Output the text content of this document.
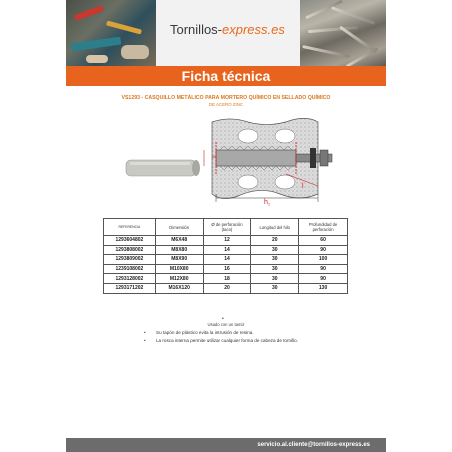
Tornillos-express.es
Ficha técnica
VS1293 - CASQUILLO METÁLICO PARA MORTERO QUÍMICO EN SELLADO QUÍMICO
DE ACERO ZINC
Ød
$h_1$
l
REFERENCIA	Dimensión	Ø de perforación (taco)	Longitud del hilo	Profundidad de perforación
1293604802	M6X48	12	20	60
1293808002	M8X80	14	30	90
1293809002	M8X90	14	30	100
1239108002	M10X80	16	30	90
1293128002	M12X80	18	30	90
1293171202	M16X120	20	30	130
•
Usado con un tamiz
• Su tapón de plástico evita la intrusión de resina.
• La rosca interna permite utilizar cualquier forma de cabeza de tornillo.
servicio.al.cliente@tornillos-express.es
